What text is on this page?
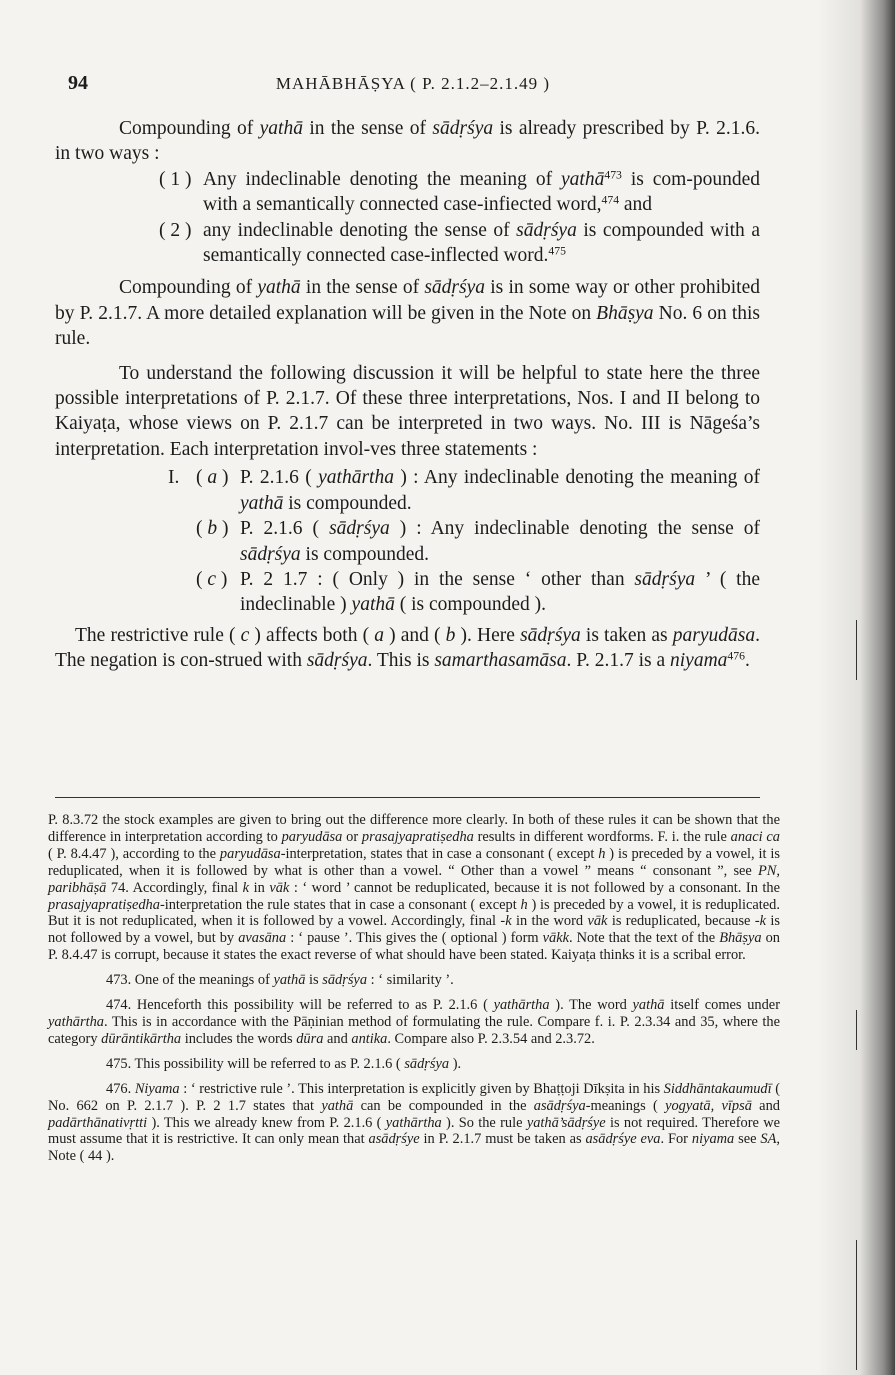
94	MAHĀBHĀṢYA ( P. 2.1.2–2.1.49 )

Compounding of yathā in the sense of sādṛśya is already prescribed by P. 2.1.6. in two ways :

( 1 ) Any indeclinable denoting the meaning of yathā$^{473}$ is com-pounded with a semantically connected case-infiected word,$^{474}$ and
( 2 ) any indeclinable denoting the sense of sādṛśya is compounded with a semantically connected case-inflected word.$^{475}$

Compounding of yathā in the sense of sādṛśya is in some way or other prohibited by P. 2.1.7. A more detailed explanation will be given in the Note on Bhāṣya No. 6 on this rule.

To understand the following discussion it will be helpful to state here the three possible interpretations of P. 2.1.7. Of these three interpretations, Nos. I and II belong to Kaiyaṭa, whose views on P. 2.1.7 can be interpreted in two ways. No. III is Nāgeśa’s interpretation. Each interpretation invol-ves three statements :

I. ( a ) P. 2.1.6 ( yathārtha ) : Any indeclinable denoting the meaning of yathā is compounded.
( b ) P. 2.1.6 ( sādṛśya ) : Any indeclinable denoting the sense of sādṛśya is compounded.
( c ) P. 2 1.7 : ( Only ) in the sense ‘ other than sādṛśya ’ ( the indeclinable ) yathā ( is compounded ).

The restrictive rule ( c ) affects both ( a ) and ( b ). Here sādṛśya is taken as paryudāsa. The negation is con-strued with sādṛśya. This is samarthasamāsa. P. 2.1.7 is a niyama$^{476}$.

P. 8.3.72 the stock examples are given to bring out the difference more clearly. In both of these rules it can be shown that the difference in interpretation according to paryudāsa or prasajyapratiṣedha results in different wordforms. F. i. the rule anaci ca ( P. 8.4.47 ), according to the paryudāsa-interpretation, states that in case a consonant ( except h ) is preceded by a vowel, it is reduplicated, when it is followed by what is other than a vowel. “ Other than a vowel ” means “ consonant ”, see PN, paribhāṣā 74. Accordingly, final k in vāk : ‘ word ’ cannot be reduplicated, because it is not followed by a consonant. In the prasajyapratiṣedha-interpretation the rule states that in case a consonant ( except h ) is preceded by a vowel, it is reduplicated. But it is not reduplicated, when it is followed by a vowel. Accordingly, final -k in the word vāk is reduplicated, because -k is not followed by a vowel, but by avasāna : ‘ pause ’. This gives the ( optional ) form vākk. Note that the text of the Bhāṣya on P. 8.4.47 is corrupt, because it states the exact reverse of what should have been stated. Kaiyaṭa thinks it is a scribal error.

473. One of the meanings of yathā is sādṛśya : ‘ similarity ’.

474. Henceforth this possibility will be referred to as P. 2.1.6 ( yathārtha ). The word yathā itself comes under yathārtha. This is in accordance with the Pāṇinian method of formulating the rule. Compare f. i. P. 2.3.34 and 35, where the category dūrāntikārtha includes the words dūra and antika. Compare also P. 2.3.54 and 2.3.72.

475. This possibility will be referred to as P. 2.1.6 ( sādṛśya ).

476. Niyama : ‘ restrictive rule ’. This interpretation is explicitly given by Bhaṭṭoji Dīkṣita in his Siddhāntakaumudī ( No. 662 on P. 2.1.7 ). P. 2 1.7 states that yathā can be compounded in the asādṛśya-meanings ( yogyatā, vīpsā and padārthānativṛtti ). This we already knew from P. 2.1.6 ( yathārtha ). So the rule yathā’sādṛśye is not required. Therefore we must assume that it is restrictive. It can only mean that asādṛśye in P. 2.1.7 must be taken as asādṛśye eva. For niyama see SA, Note ( 44 ).
